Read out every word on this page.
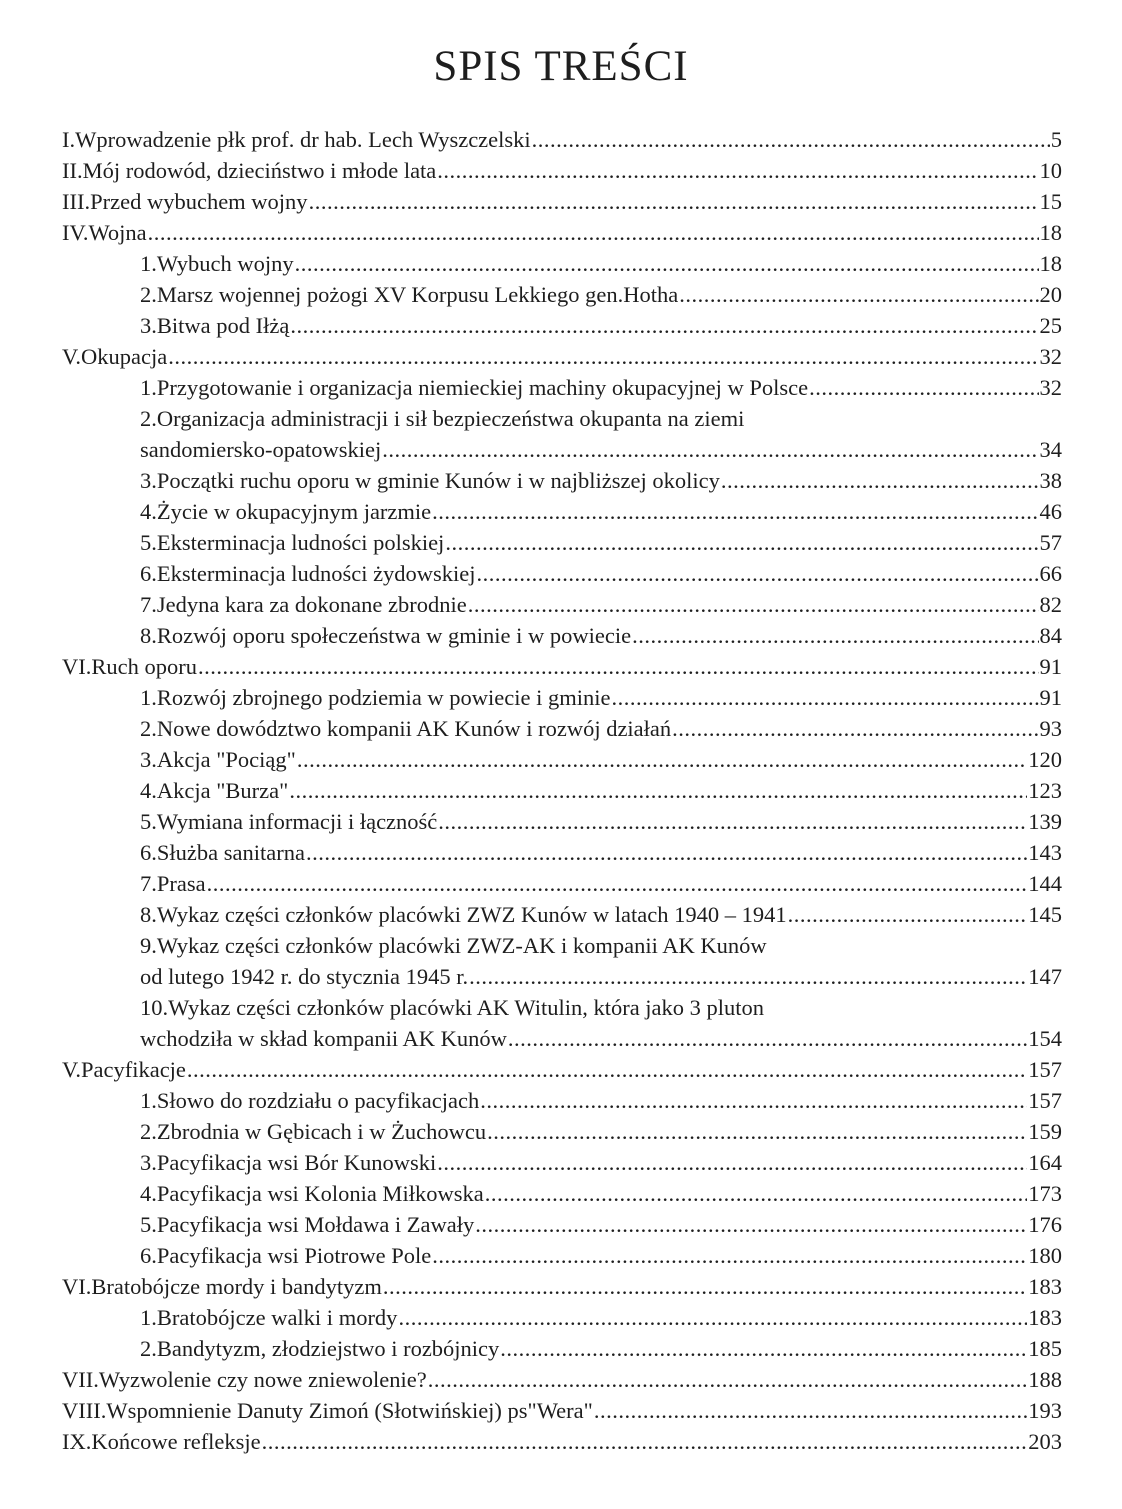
SPIS TREŚCI
I.Wprowadzenie płk prof. dr hab. Lech Wyszczelski .....	5
II.Mój rodowód, dzieciństwo i młode lata .....	10
III.Przed wybuchem wojny .....	15
IV.Wojna .....	18
1.Wybuch wojny .....	18
2.Marsz wojennej pożogi XV Korpusu Lekkiego gen.Hotha .....	20
3.Bitwa pod Iłżą .....	25
V.Okupacja .....	32
1.Przygotowanie i organizacja niemieckiej machiny okupacyjnej w Polsce .....	32
2.Organizacja administracji i sił bezpieczeństwa okupanta na ziemi
sandomiersko-opatowskiej .....	34
3.Początki ruchu oporu w gminie Kunów i w najbliższej okolicy .....	38
4.Życie w okupacyjnym jarzmie .....	46
5.Eksterminacja ludności polskiej .....	57
6.Eksterminacja ludności żydowskiej .....	66
7.Jedyna kara za dokonane zbrodnie .....	82
8.Rozwój oporu społeczeństwa w gminie i w powiecie .....	84
VI.Ruch oporu .....	91
1.Rozwój zbrojnego podziemia w powiecie i gminie .....	91
2.Nowe dowództwo kompanii AK Kunów i rozwój działań .....	93
3.Akcja "Pociąg" .....	120
4.Akcja "Burza" .....	123
5.Wymiana informacji i łączność .....	139
6.Służba sanitarna .....	143
7.Prasa .....	144
8.Wykaz części członków placówki ZWZ Kunów w latach 1940 – 1941 .....	145
9.Wykaz części członków placówki ZWZ-AK i kompanii AK Kunów
od lutego 1942 r. do stycznia 1945 r. .....	147
10.Wykaz części członków placówki AK Witulin, która jako 3 pluton
wchodziła w skład kompanii AK Kunów .....	154
V.Pacyfikacje .....	157
1.Słowo do rozdziału o pacyfikacjach .....	157
2.Zbrodnia w Gębicach i w Żuchowcu .....	159
3.Pacyfikacja wsi Bór Kunowski .....	164
4.Pacyfikacja wsi Kolonia Miłkowska .....	173
5.Pacyfikacja wsi Mołdawa i Zawały .....	176
6.Pacyfikacja wsi Piotrowe Pole .....	180
VI.Bratobójcze mordy i bandytyzm .....	183
1.Bratobójcze walki i mordy .....	183
2.Bandytyzm, złodziejstwo i rozbójnicy .....	185
VII.Wyzwolenie czy nowe zniewolenie? .....	188
VIII.Wspomnienie Danuty Zimoń (Słotwińskiej) ps"Wera" .....	193
IX.Końcowe refleksje .....	203
